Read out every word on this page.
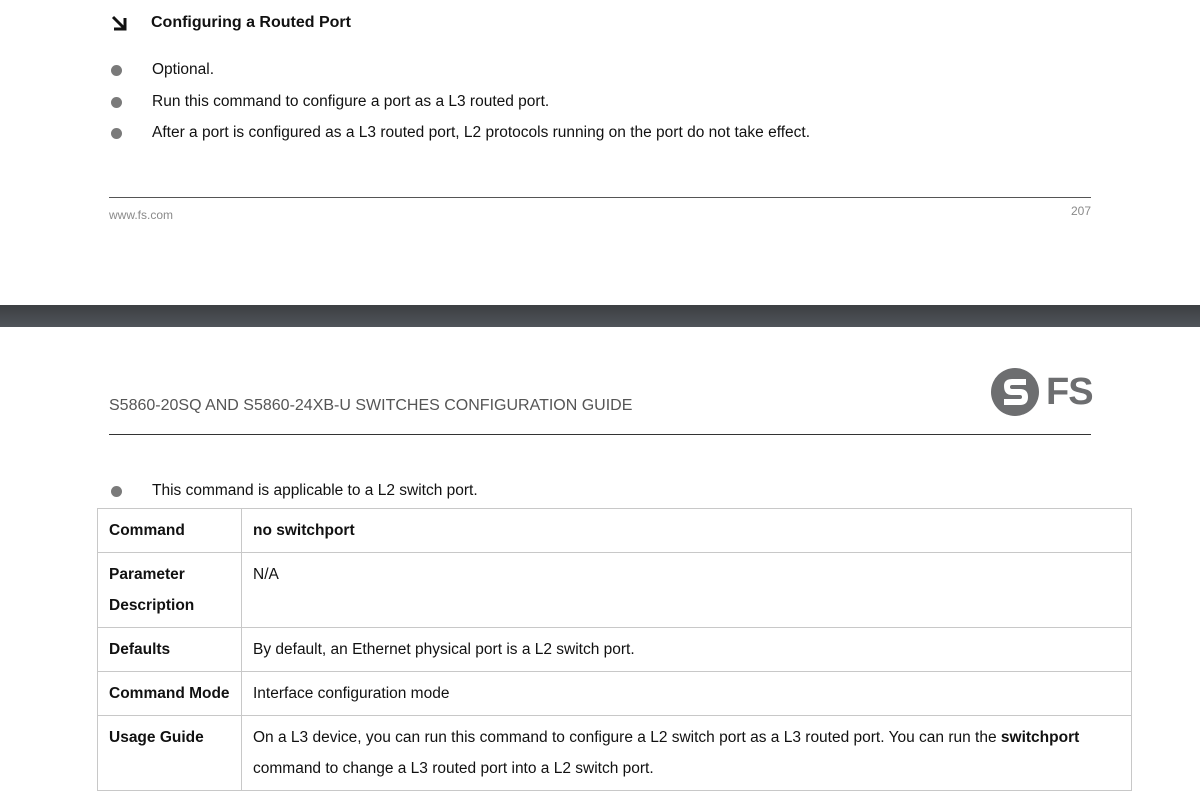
Configuring a Routed Port
Optional.
Run this command to configure a port as a L3 routed port.
After a port is configured as a L3 routed port, L2 protocols running on the port do not take effect.
www.fs.com	207
S5860-20SQ AND S5860-24XB-U SWITCHES CONFIGURATION GUIDE	FS
This command is applicable to a L2 switch port.
Command	no switchport
Parameter Description	N/A
Defaults	By default, an Ethernet physical port is a L2 switch port.
Command Mode	Interface configuration mode
Usage Guide	On a L3 device, you can run this command to configure a L2 switch port as a L3 routed port. You can run the switchport command to change a L3 routed port into a L2 switch port.
